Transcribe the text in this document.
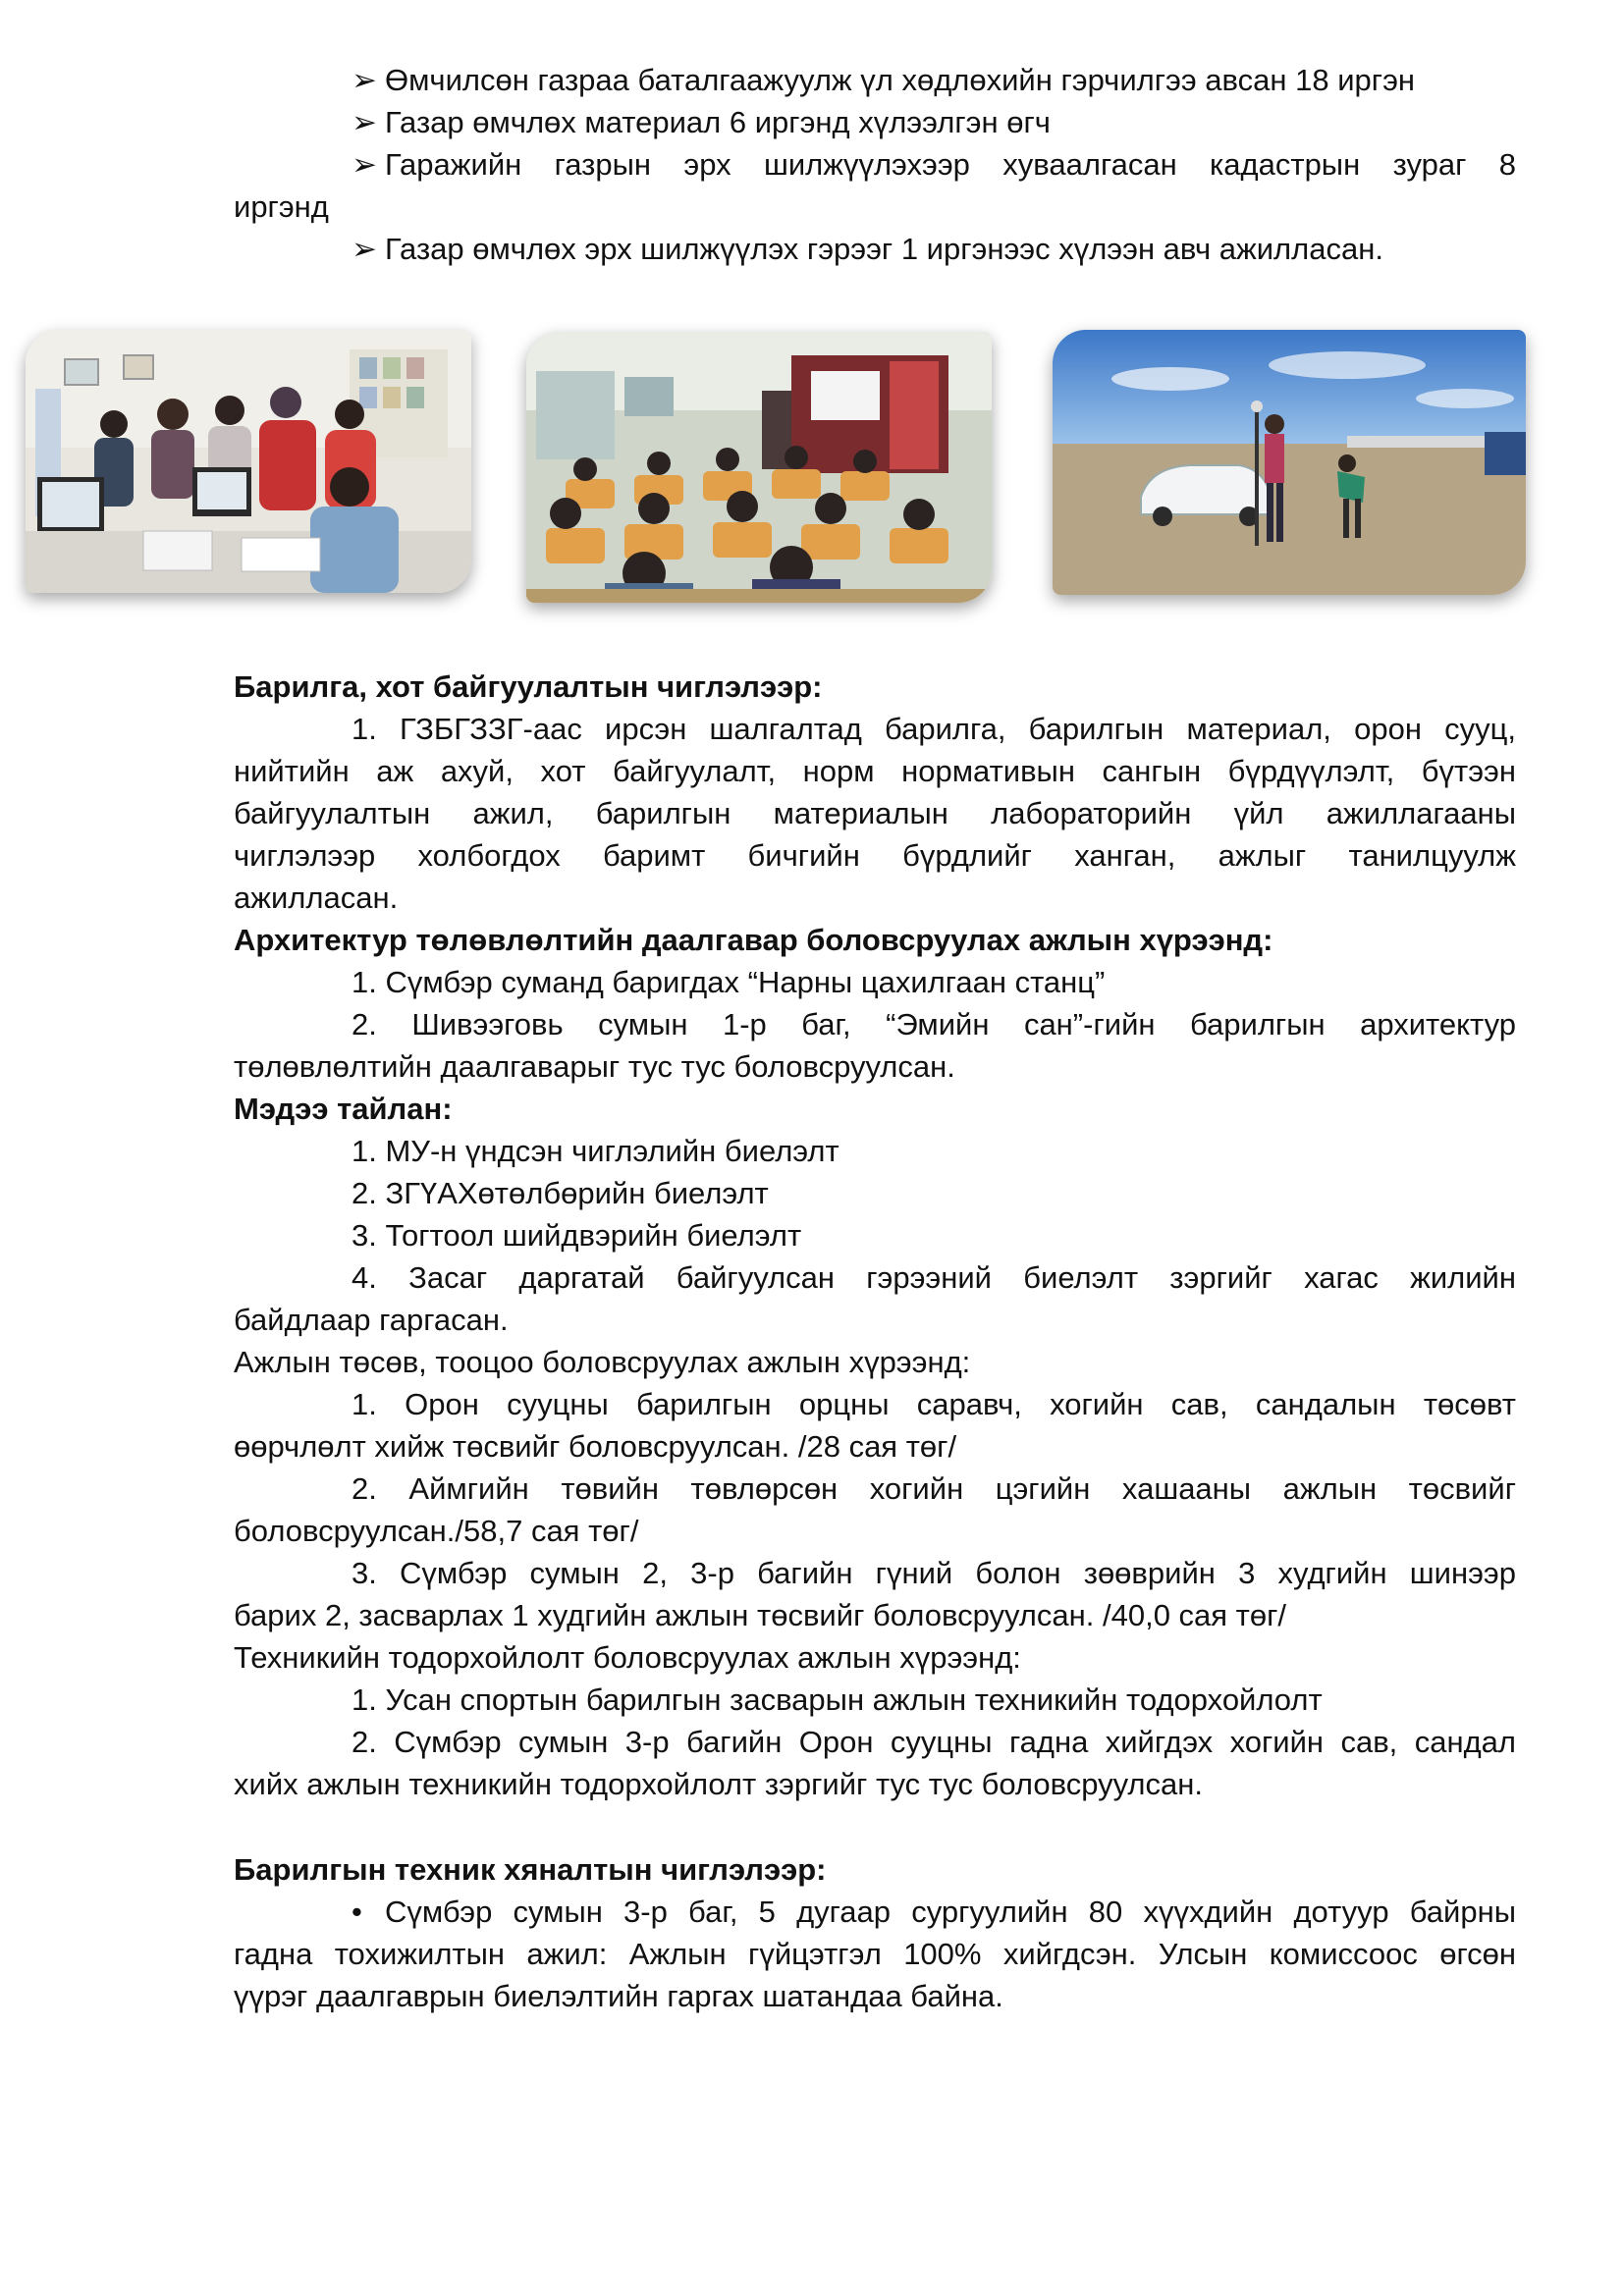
➢ Өмчилсөн газраа баталгаажуулж үл хөдлөхийн гэрчилгээ авсан 18 иргэн
➢ Газар өмчлөх материал 6 иргэнд хүлээлгэн өгч
➢ Гаражийн газрын эрх шилжүүлэхээр хуваалгасан кадастрын зураг 8
иргэнд
➢ Газар өмчлөх эрх шилжүүлэх гэрээг 1 иргэнээс хүлээн авч ажилласан.
Барилга, хот байгуулалтын чиглэлээр:
1. ГЗБГЗЗГ-аас ирсэн шалгалтад барилга, барилгын материал, орон сууц,
нийтийн аж ахуй, хот байгуулалт, норм нормативын сангын бүрдүүлэлт, бүтээн
байгуулалтын ажил, барилгын материалын лабораторийн үйл ажиллагааны
чиглэлээр холбогдох баримт бичгийн бүрдлийг ханган, ажлыг танилцуулж
ажилласан.
Архитектур төлөвлөлтийн даалгавар боловсруулах ажлын хүрээнд:
1. Сүмбэр суманд баригдах “Нарны цахилгаан станц”
2. Шивээговь сумын 1-р баг, “Эмийн сан”-гийн барилгын архитектур
төлөвлөлтийн даалгаварыг тус тус боловсруулсан.
Мэдээ тайлан:
1. МУ-н үндсэн чиглэлийн биелэлт
2. ЗГҮАХөтөлбөрийн биелэлт
3. Тогтоол шийдвэрийн биелэлт
4. Засаг даргатай байгуулсан гэрээний биелэлт зэргийг хагас жилийн
байдлаар гаргасан.
Ажлын төсөв, тооцоо боловсруулах ажлын хүрээнд:
1. Орон сууцны барилгын орцны саравч, хогийн сав, сандалын төсөвт
өөрчлөлт хийж төсвийг боловсруулсан. /28 сая төг/
2. Аймгийн төвийн төвлөрсөн хогийн цэгийн хашааны ажлын төсвийг
боловсруулсан./58,7 сая төг/
3. Сүмбэр сумын 2, 3-р багийн гүний болон зөөврийн 3 худгийн шинээр
барих 2, засварлах 1 худгийн ажлын төсвийг боловсруулсан. /40,0 сая төг/
Техникийн тодорхойлолт боловсруулах ажлын хүрээнд:
1. Усан спортын барилгын засварын ажлын техникийн тодорхойлолт
2. Сүмбэр сумын 3-р багийн Орон сууцны гадна хийгдэх хогийн сав, сандал
хийх ажлын техникийн тодорхойлолт зэргийг тус тус боловсруулсан.
Барилгын техник хяналтын чиглэлээр:
• Сүмбэр сумын 3-р баг, 5 дугаар сургуулийн 80 хүүхдийн дотуур байрны
гадна тохижилтын ажил: Ажлын гүйцэтгэл 100% хийгдсэн. Улсын комиссоос өгсөн
үүрэг даалгаврын биелэлтийн гаргах шатандаа байна.
